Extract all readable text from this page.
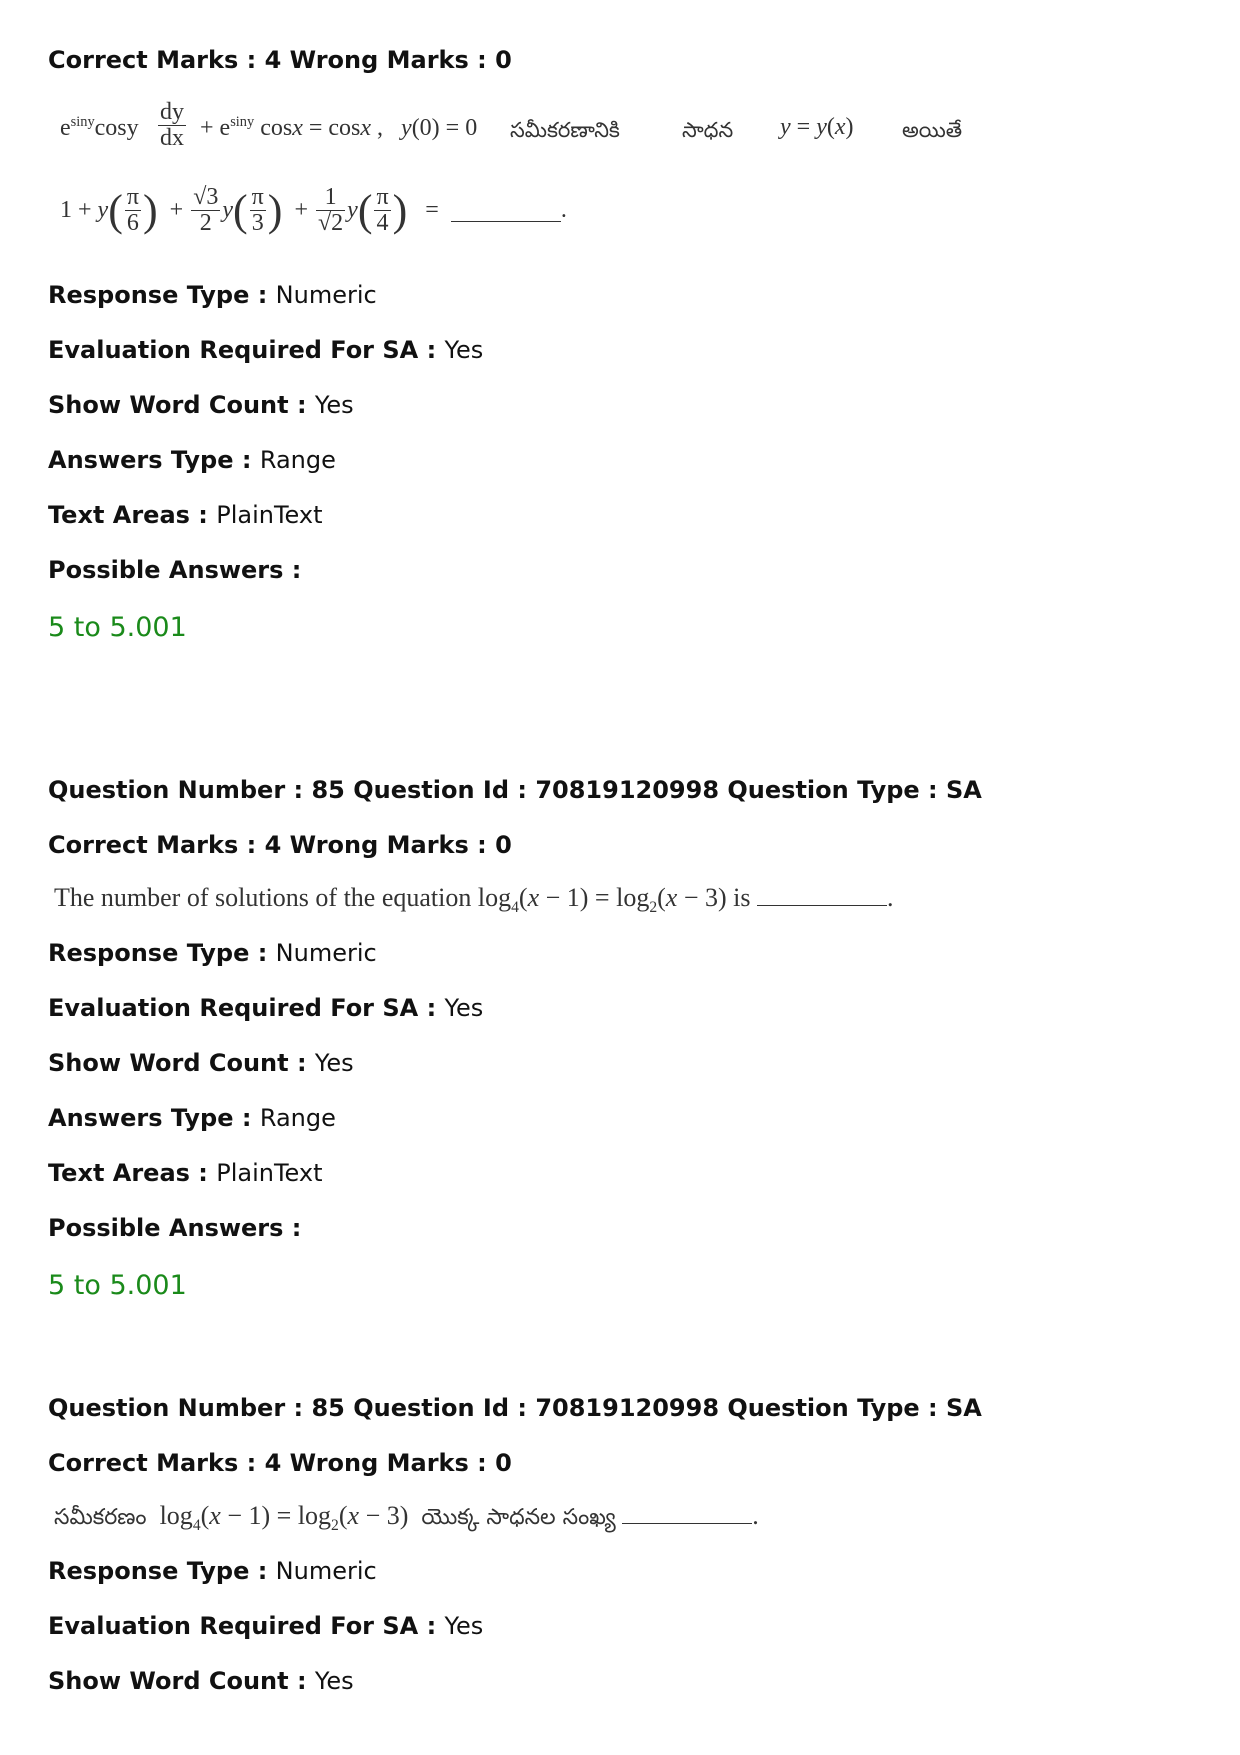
Correct Marks : 4 Wrong Marks : 0
$e^{siny}\cos y \frac{dy}{dx} + e^{siny}$ cosx = cosx ,   y(0) = 0 సమీకరణానికి	సాధన y = y(x) అయితే
$1 + y( \frac{\pi}{6}$ )  + $\frac{√3}{2} y( \frac{\pi}{3}$ )  + $\frac{1}{√2} y( \frac{\pi}{4}$ )   =	.
Response Type : Numeric
Evaluation Required For SA : Yes
Show Word Count : Yes
Answers Type : Range
Text Areas : PlainText
Possible Answers :
5 to 5.001
Question Number : 85 Question Id : 70819120998 Question Type : SA
Correct Marks : 4 Wrong Marks : 0
The number of solutions of the equation $\log_4(x - 1) = \log_2(x - 3)$ is	.
Response Type : Numeric
Evaluation Required For SA : Yes
Show Word Count : Yes
Answers Type : Range
Text Areas : PlainText
Possible Answers :
5 to 5.001
Question Number : 85 Question Id : 70819120998 Question Type : SA
Correct Marks : 4 Wrong Marks : 0
సమీకరణం  $\log_4(x - 1) = \log_2(x - 3)$  యొక్క సాధనల సంఖ్య	.
Response Type : Numeric
Evaluation Required For SA : Yes
Show Word Count : Yes
